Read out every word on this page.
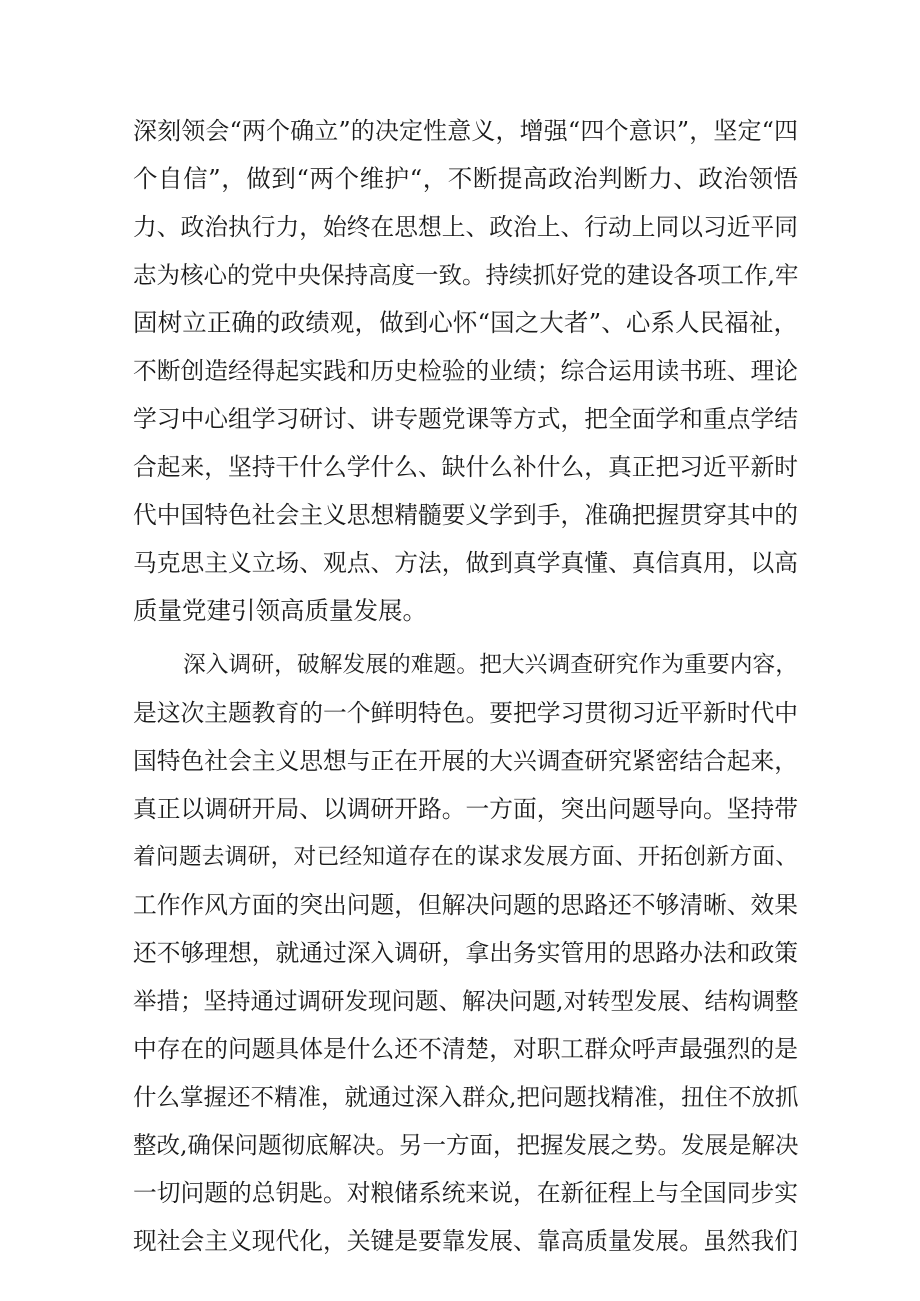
深刻领会“两个确立”的决定性意义，增强“四个意识”，坚定“四
个自信”，做到“两个维护“，不断提高政治判断力、政治领悟
力、政治执行力，始终在思想上、政治上、行动上同以习近平同
志为核心的党中央保持高度一致。持续抓好党的建设各项工作,牢
固树立正确的政绩观，做到心怀“国之大者”、心系人民福祉，
不断创造经得起实践和历史检验的业绩；综合运用读书班、理论
学习中心组学习研讨、讲专题党课等方式，把全面学和重点学结
合起来，坚持干什么学什么、缺什么补什么，真正把习近平新时
代中国特色社会主义思想精髓要义学到手，准确把握贯穿其中的
马克思主义立场、观点、方法，做到真学真懂、真信真用，以高
质量党建引领高质量发展。
深入调研，破解发展的难题。把大兴调查研究作为重要内容，
是这次主题教育的一个鲜明特色。要把学习贯彻习近平新时代中
国特色社会主义思想与正在开展的大兴调查研究紧密结合起来，
真正以调研开局、以调研开路。一方面，突出问题导向。坚持带
着问题去调研，对已经知道存在的谋求发展方面、开拓创新方面、
工作作风方面的突出问题，但解决问题的思路还不够清晰、效果
还不够理想，就通过深入调研，拿出务实管用的思路办法和政策
举措；坚持通过调研发现问题、解决问题,对转型发展、结构调整
中存在的问题具体是什么还不清楚，对职工群众呼声最强烈的是
什么掌握还不精准，就通过深入群众,把问题找精准，扭住不放抓
整改,确保问题彻底解决。另一方面，把握发展之势。发展是解决
一切问题的总钥匙。对粮储系统来说，在新征程上与全国同步实
现社会主义现代化，关键是要靠发展、靠高质量发展。虽然我们
